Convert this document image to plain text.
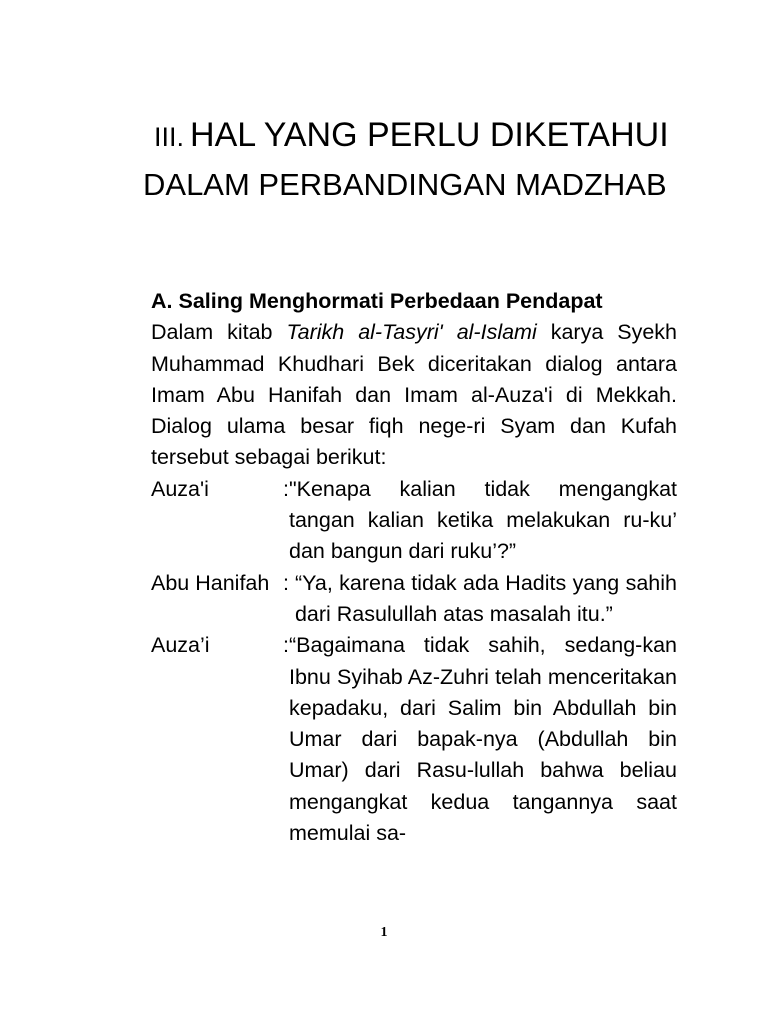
III. HAL YANG PERLU DIKETAHUI
DALAM PERBANDINGAN MADZHAB
A. Saling Menghormati Perbedaan Pendapat

Dalam kitab Tarikh al-Tasyri' al-Islami karya Syekh Muhammad Khudhari Bek diceritakan dialog antara Imam Abu Hanifah dan Imam al-Auza'i di Mekkah. Dialog ulama besar fiqh nege-ri Syam dan Kufah tersebut sebagai berikut:

Auza'i	: "Kenapa kalian tidak mengangkat tangan kalian ketika melakukan ru-ku’ dan bangun dari ruku’?”
Abu Hanifah : “Ya, karena tidak ada Hadits yang sahih dari Rasulullah atas masalah itu.”
Auza’i	: “Bagaimana tidak sahih, sedang-kan Ibnu Syihab Az-Zuhri telah menceritakan kepadaku, dari Salim bin Abdullah bin Umar dari bapak-nya (Abdullah bin Umar) dari Rasu-lullah bahwa beliau mengangkat kedua tangannya saat memulai sa-
1
